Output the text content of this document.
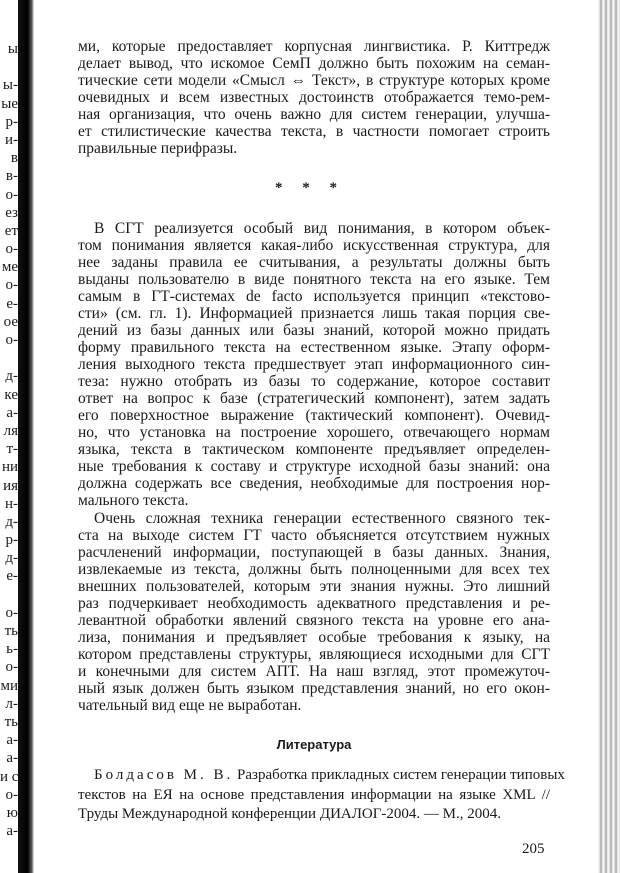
ы
ы-
ые
р-
и-
в
в-
о-
ез
ет
о-
ме
о-
е-
ое
о-
д-
ке
а-
ля
т-
ни
ия
н-
д-
р-
д-
е-
о-
ть
ь-
о-
ми
л-
ть
а-
а-
и с
о-
ю
а-
ми, которые предоставляет корпусная лингвистика. Р. Киттредж
делает вывод, что искомое СемП должно быть похожим на семан-
тические сети модели «Смысл ⇔ Текст», в структуре которых кроме
очевидных и всем известных достоинств отображается темо-рем-
ная организация, что очень важно для систем генерации, улучша-
ет стилистические качества текста, в частности помогает строить
правильные перифразы.
* * *
В СГТ реализуется особый вид понимания, в котором объек-
том понимания является какая-либо искусственная структура, для
нее заданы правила ее считывания, а результаты должны быть
выданы пользователю в виде понятного текста на его языке. Тем
самым в ГТ-системах de facto используется принцип «текстово-
сти» (см. гл. 1). Информацией признается лишь такая порция све-
дений из базы данных или базы знаний, которой можно придать
форму правильного текста на естественном языке. Этапу оформ-
ления выходного текста предшествует этап информационного син-
теза: нужно отобрать из базы то содержание, которое составит
ответ на вопрос к базе (стратегический компонент), затем задать
его поверхностное выражение (тактический компонент). Очевид-
но, что установка на построение хорошего, отвечающего нормам
языка, текста в тактическом компоненте предъявляет определен-
ные требования к составу и структуре исходной базы знаний: она
должна содержать все сведения, необходимые для построения нор-
мального текста.
Очень сложная техника генерации естественного связного тек-
ста на выходе систем ГТ часто объясняется отсутствием нужных
расчленений информации, поступающей в базы данных. Знания,
извлекаемые из текста, должны быть полноценными для всех тех
внешних пользователей, которым эти знания нужны. Это лишний
раз подчеркивает необходимость адекватного представления и ре-
левантной обработки явлений связного текста на уровне его ана-
лиза, понимания и предъявляет особые требования к языку, на
котором представлены структуры, являющиеся исходными для СГТ
и конечными для систем АПТ. На наш взгляд, этот промежуточ-
ный язык должен быть языком представления знаний, но его окон-
чательный вид еще не выработан.
Литература
Болдасов М. В. Разработка прикладных систем генерации типовых
текстов на ЕЯ на основе представления информации на языке XML //
Труды Международной конференции ДИАЛОГ-2004. — М., 2004.
205
